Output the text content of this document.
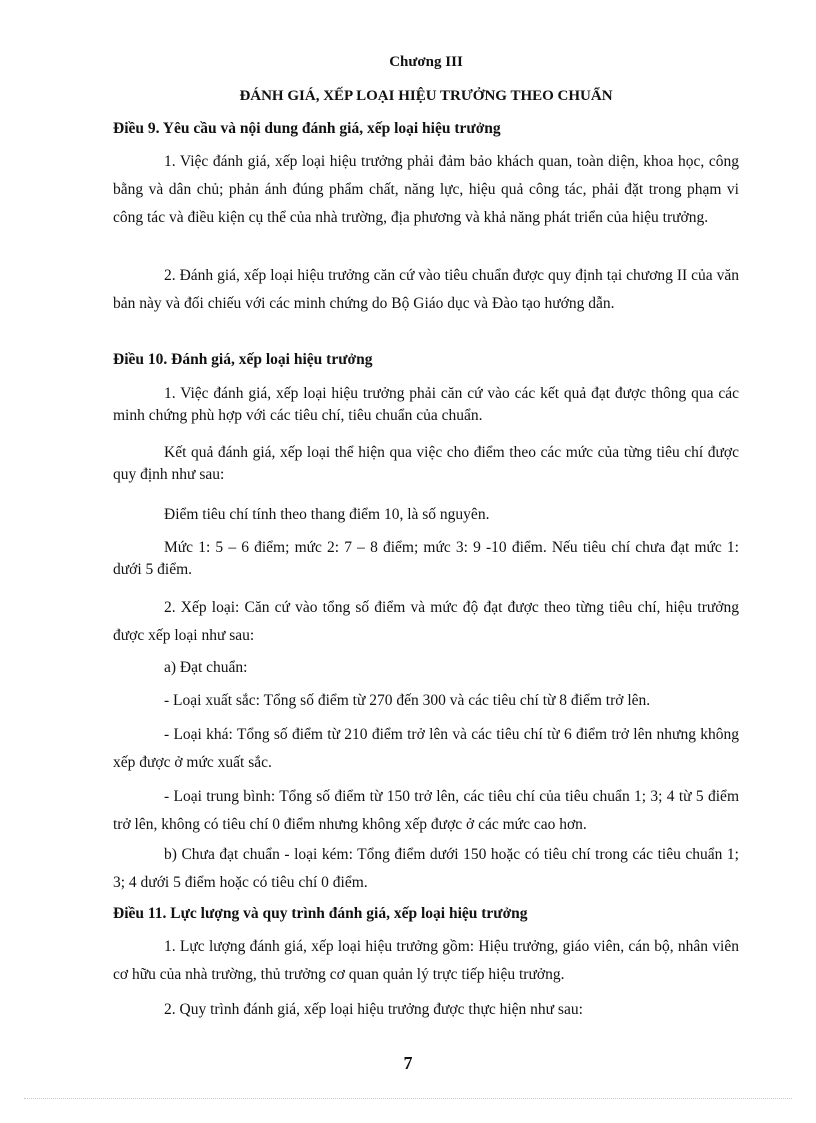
Chương III
ĐÁNH GIÁ, XẾP LOẠI HIỆU TRƯỞNG THEO CHUẨN
Điều 9. Yêu cầu và nội dung đánh giá, xếp loại hiệu trưởng
1. Việc đánh giá, xếp loại hiệu trưởng phải đảm bảo khách quan, toàn diện, khoa học, công bằng và dân chủ; phản ánh đúng phẩm chất, năng lực, hiệu quả công tác, phải đặt trong phạm vi công tác và điều kiện cụ thể của nhà trường, địa phương và khả năng phát triển của hiệu trưởng.
2. Đánh giá, xếp loại hiệu trưởng căn cứ vào tiêu chuẩn được quy định tại chương II của văn bản này và đối chiếu với các minh chứng do Bộ Giáo dục và Đào tạo hướng dẫn.
Điều 10. Đánh giá, xếp loại hiệu trưởng
1. Việc đánh giá, xếp loại hiệu trưởng phải căn cứ vào các kết quả đạt được thông qua các minh chứng phù hợp với các tiêu chí, tiêu chuẩn của chuẩn.
Kết quả đánh giá, xếp loại thể hiện qua việc cho điểm theo các mức của từng tiêu chí được quy định như sau:
Điểm tiêu chí tính theo thang điểm 10, là số nguyên.
Mức 1: 5 – 6 điểm; mức 2: 7 – 8 điểm; mức 3: 9 -10 điểm. Nếu tiêu chí chưa đạt mức 1: dưới 5 điểm.
2. Xếp loại: Căn cứ vào tổng số điểm và mức độ đạt được theo từng tiêu chí, hiệu trưởng được xếp loại như sau:
a) Đạt chuẩn:
- Loại xuất sắc: Tổng số điểm từ 270 đến 300 và các tiêu chí từ 8 điểm trở lên.
- Loại khá: Tổng số điểm từ 210 điểm trở lên và các tiêu chí từ 6 điểm trở lên nhưng không xếp được ở mức xuất sắc.
- Loại trung bình: Tổng số điểm từ 150 trở lên, các tiêu chí của tiêu chuẩn 1; 3; 4 từ 5 điểm trở lên, không có tiêu chí 0 điểm nhưng không xếp được ở các mức cao hơn.
b) Chưa đạt chuẩn - loại kém: Tổng điểm dưới 150 hoặc có tiêu chí trong các tiêu chuẩn 1; 3; 4 dưới 5 điểm hoặc có tiêu chí 0 điểm.
Điều 11. Lực lượng và quy trình đánh giá, xếp loại hiệu trưởng
1. Lực lượng đánh giá, xếp loại hiệu trưởng gồm: Hiệu trưởng, giáo viên, cán bộ, nhân viên cơ hữu của nhà trường, thủ trưởng cơ quan quản lý trực tiếp hiệu trưởng.
2. Quy trình đánh giá, xếp loại hiệu trưởng được thực hiện như sau:
7
